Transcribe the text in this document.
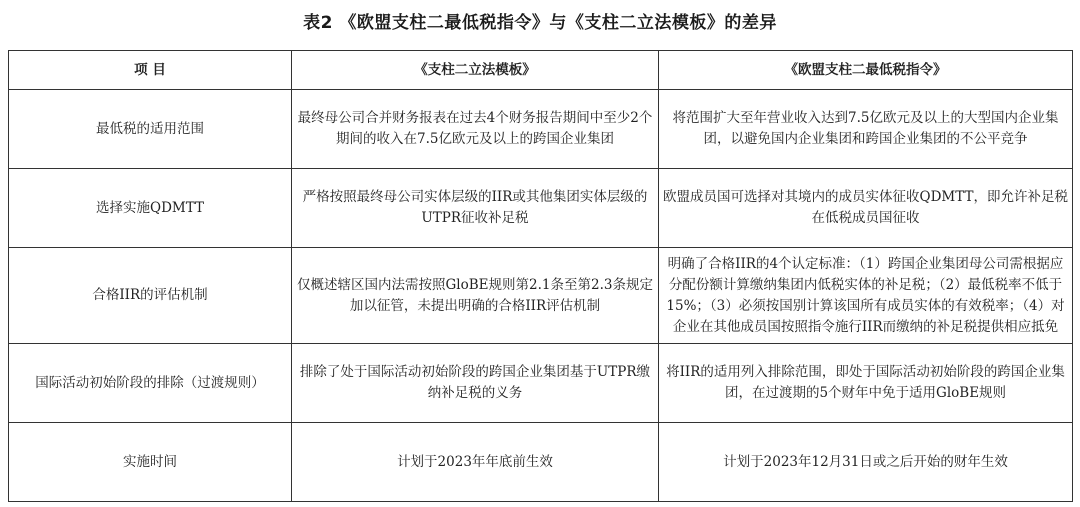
表2 《欧盟支柱二最低税指令》与《支柱二立法模板》的差异
项 目	《支柱二立法模板》	《欧盟支柱二最低税指令》
最低税的适用范围	最终母公司合并财务报表在过去4个财务报告期间中至少2个期间的收入在7.5亿欧元及以上的跨国企业集团	将范围扩大至年营业收入达到7.5亿欧元及以上的大型国内企业集团，以避免国内企业集团和跨国企业集团的不公平竞争
选择实施QDMTT	严格按照最终母公司实体层级的IIR或其他集团实体层级的UTPR征收补足税	欧盟成员国可选择对其境内的成员实体征收QDMTT，即允许补足税在低税成员国征收
合格IIR的评估机制	仅概述辖区国内法需按照GloBE规则第2.1条至第2.3条规定加以征管，未提出明确的合格IIR评估机制	明确了合格IIR的4个认定标准：（1）跨国企业集团母公司需根据应分配份额计算缴纳集团内低税实体的补足税；（2）最低税率不低于15%；（3）必须按国别计算该国所有成员实体的有效税率；（4）对企业在其他成员国按照指令施行IIR而缴纳的补足税提供相应抵免
国际活动初始阶段的排除（过渡规则）	排除了处于国际活动初始阶段的跨国企业集团基于UTPR缴纳补足税的义务	将IIR的适用列入排除范围，即处于国际活动初始阶段的跨国企业集团，在过渡期的5个财年中免于适用GloBE规则
实施时间	计划于2023年年底前生效	计划于2023年12月31日或之后开始的财年生效
